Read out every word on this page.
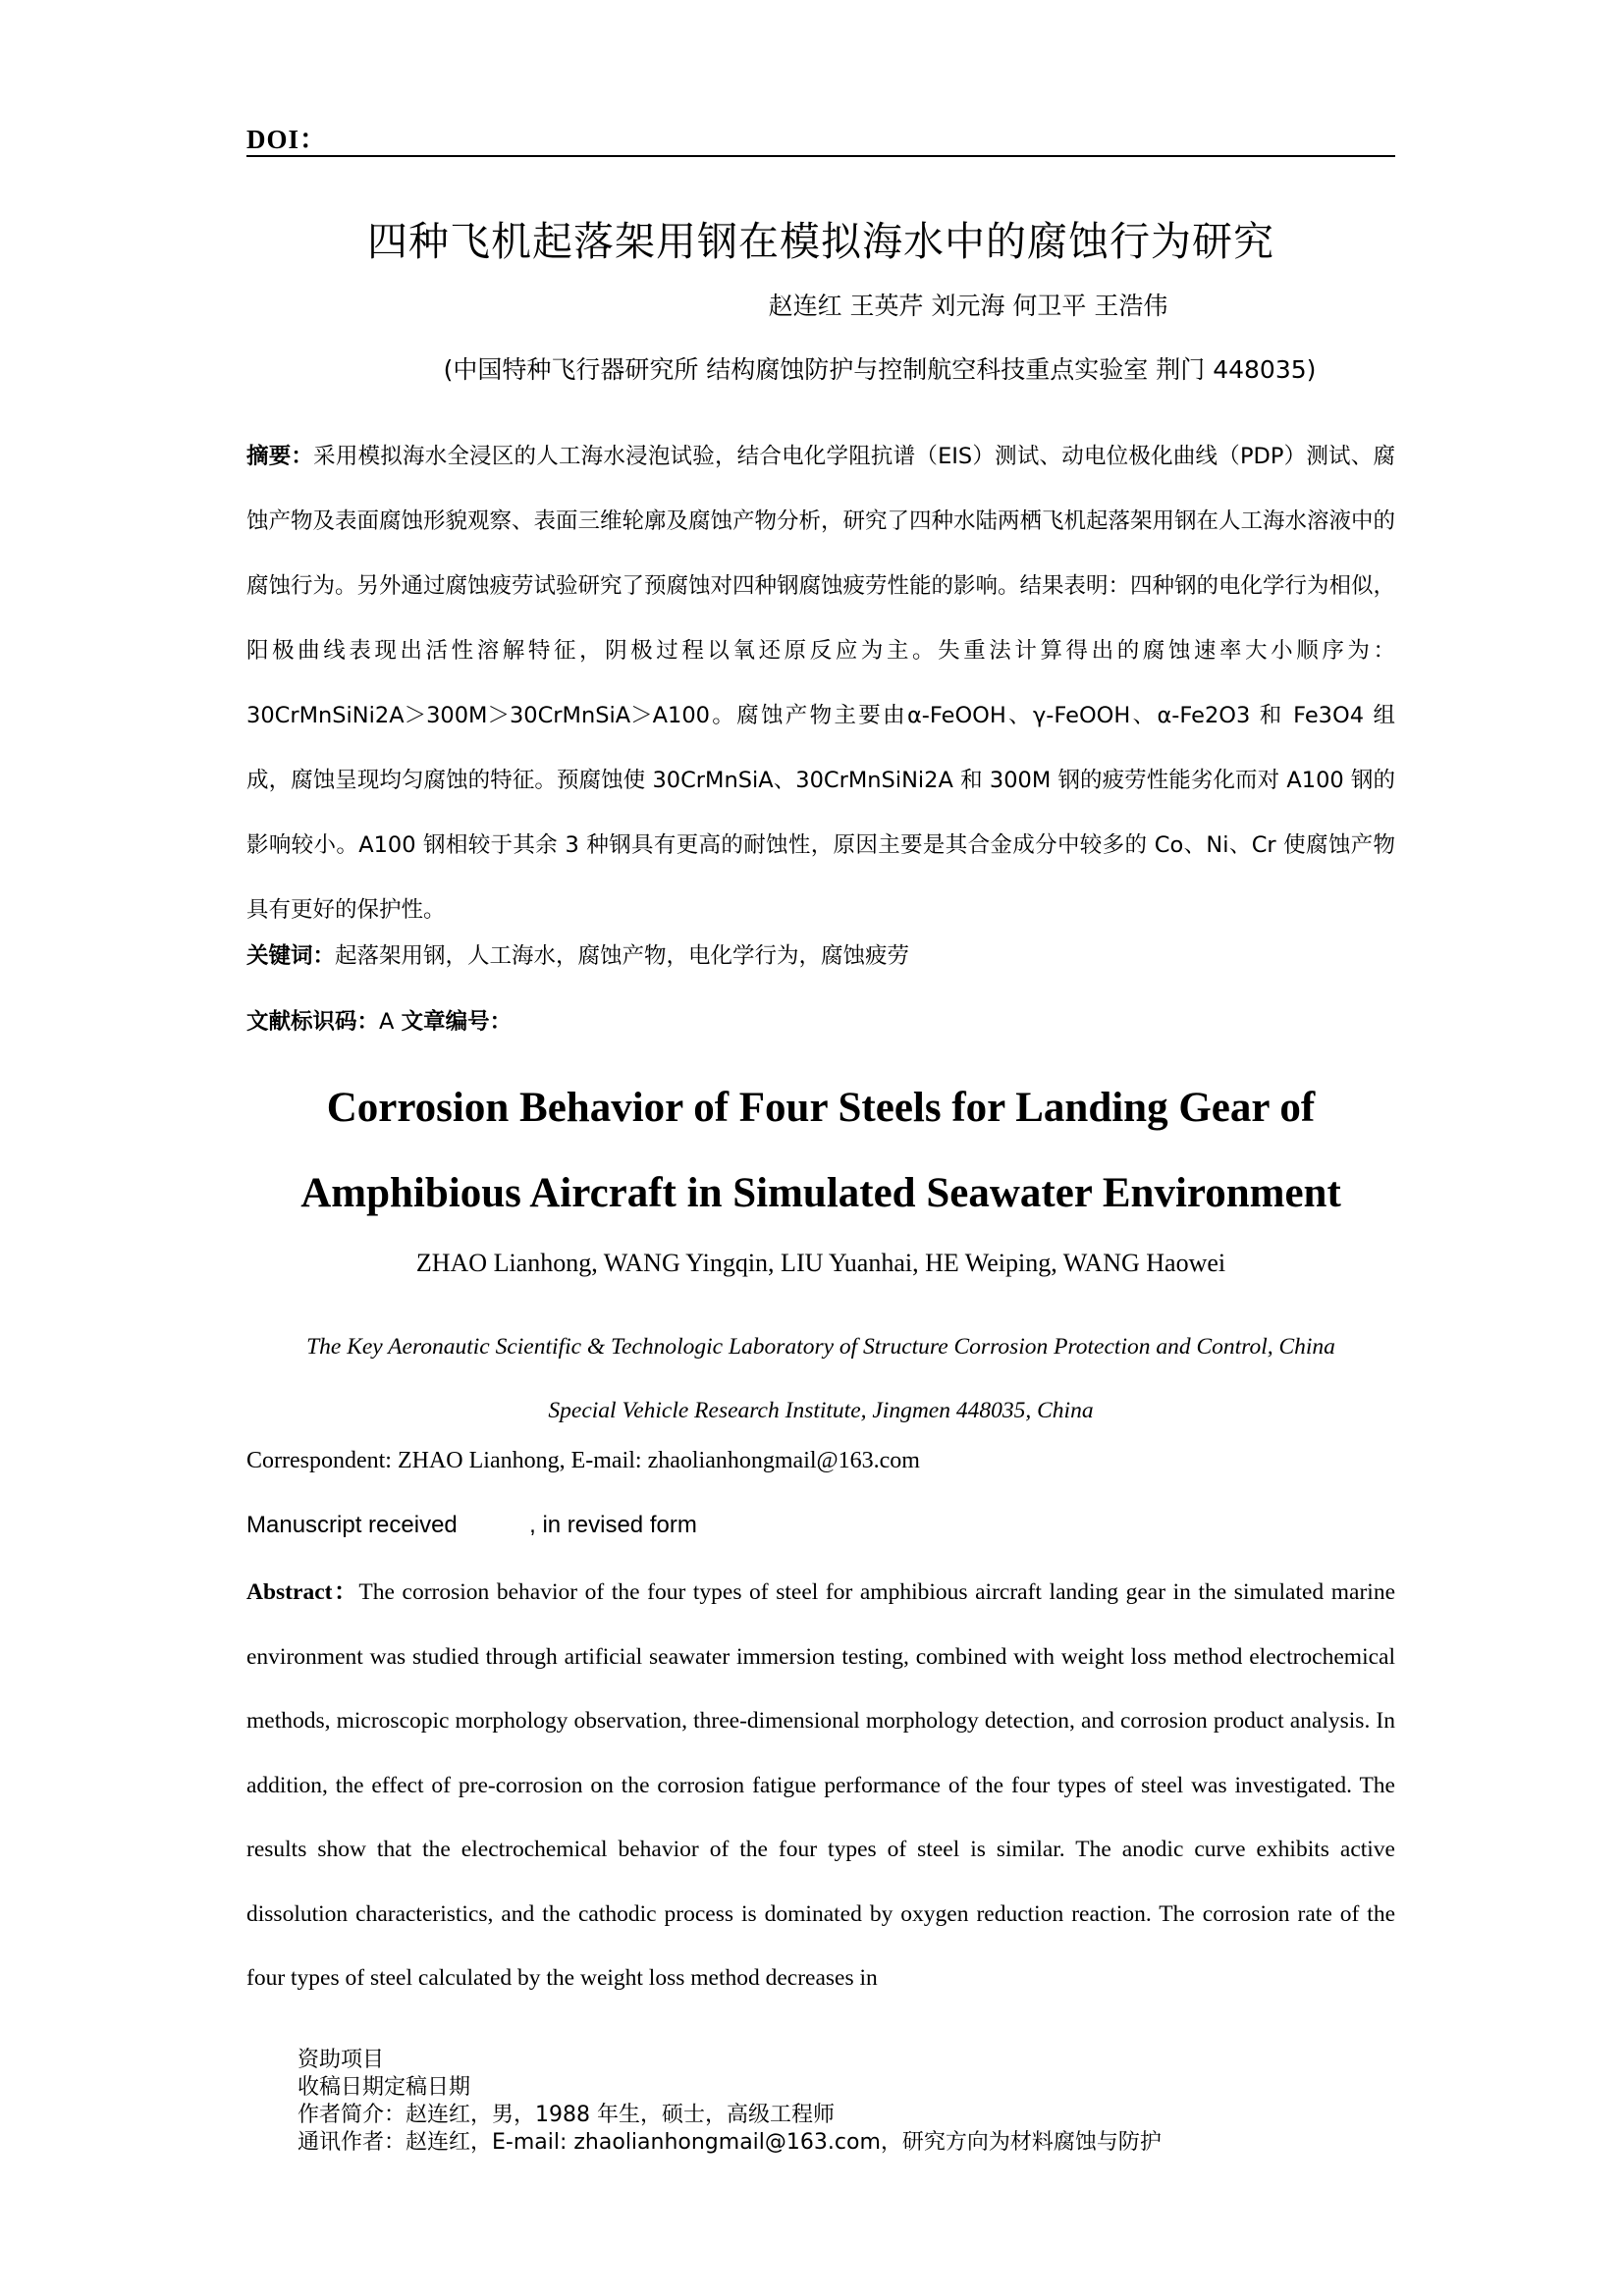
DOI：
四种飞机起落架用钢在模拟海水中的腐蚀行为研究
赵连红 王英芹 刘元海 何卫平 王浩伟
(中国特种飞行器研究所 结构腐蚀防护与控制航空科技重点实验室 荆门 448035)
摘要：采用模拟海水全浸区的人工海水浸泡试验，结合电化学阻抗谱（EIS）测试、动电位极化曲线（PDP）测试、腐蚀产物及表面腐蚀形貌观察、表面三维轮廓及腐蚀产物分析，研究了四种水陆两栖飞机起落架用钢在人工海水溶液中的腐蚀行为。另外通过腐蚀疲劳试验研究了预腐蚀对四种钢腐蚀疲劳性能的影响。结果表明：四种钢的电化学行为相似，阳极曲线表现出活性溶解特征，阴极过程以氧还原反应为主。失重法计算得出的腐蚀速率大小顺序为：30CrMnSiNi2A＞300M＞30CrMnSiA＞A100。腐蚀产物主要由α-FeOOH、γ-FeOOH、α-Fe2O3 和 Fe3O4 组成，腐蚀呈现均匀腐蚀的特征。预腐蚀使 30CrMnSiA、30CrMnSiNi2A 和 300M 钢的疲劳性能劣化而对 A100 钢的影响较小。A100 钢相较于其余 3 种钢具有更高的耐蚀性，原因主要是其合金成分中较多的 Co、Ni、Cr 使腐蚀产物具有更好的保护性。
关键词：起落架用钢，人工海水，腐蚀产物，电化学行为，腐蚀疲劳
文献标识码：A 文章编号：
Corrosion Behavior of Four Steels for Landing Gear of
Amphibious Aircraft in Simulated Seawater Environment
ZHAO Lianhong, WANG Yingqin, LIU Yuanhai, HE Weiping, WANG Haowei
The Key Aeronautic Scientific & Technologic Laboratory of Structure Corrosion Protection and Control, China
Special Vehicle Research Institute, Jingmen 448035, China
Correspondent: ZHAO Lianhong, E-mail: zhaolianhongmail@163.com
Manuscript received           , in revised form
Abstract：The corrosion behavior of the four types of steel for amphibious aircraft landing gear in the simulated marine environment was studied through artificial seawater immersion testing, combined with weight loss method electrochemical methods, microscopic morphology observation, three-dimensional morphology detection, and corrosion product analysis. In addition, the effect of pre-corrosion on the corrosion fatigue performance of the four types of steel was investigated. The results show that the electrochemical behavior of the four types of steel is similar. The anodic curve exhibits active dissolution characteristics, and the cathodic process is dominated by oxygen reduction reaction. The corrosion rate of the four types of steel calculated by the weight loss method decreases in
资助项目
收稿日期定稿日期
作者简介：赵连红，男，1988 年生，硕士，高级工程师
通讯作者：赵连红，E-mail: zhaolianhongmail@163.com，研究方向为材料腐蚀与防护
